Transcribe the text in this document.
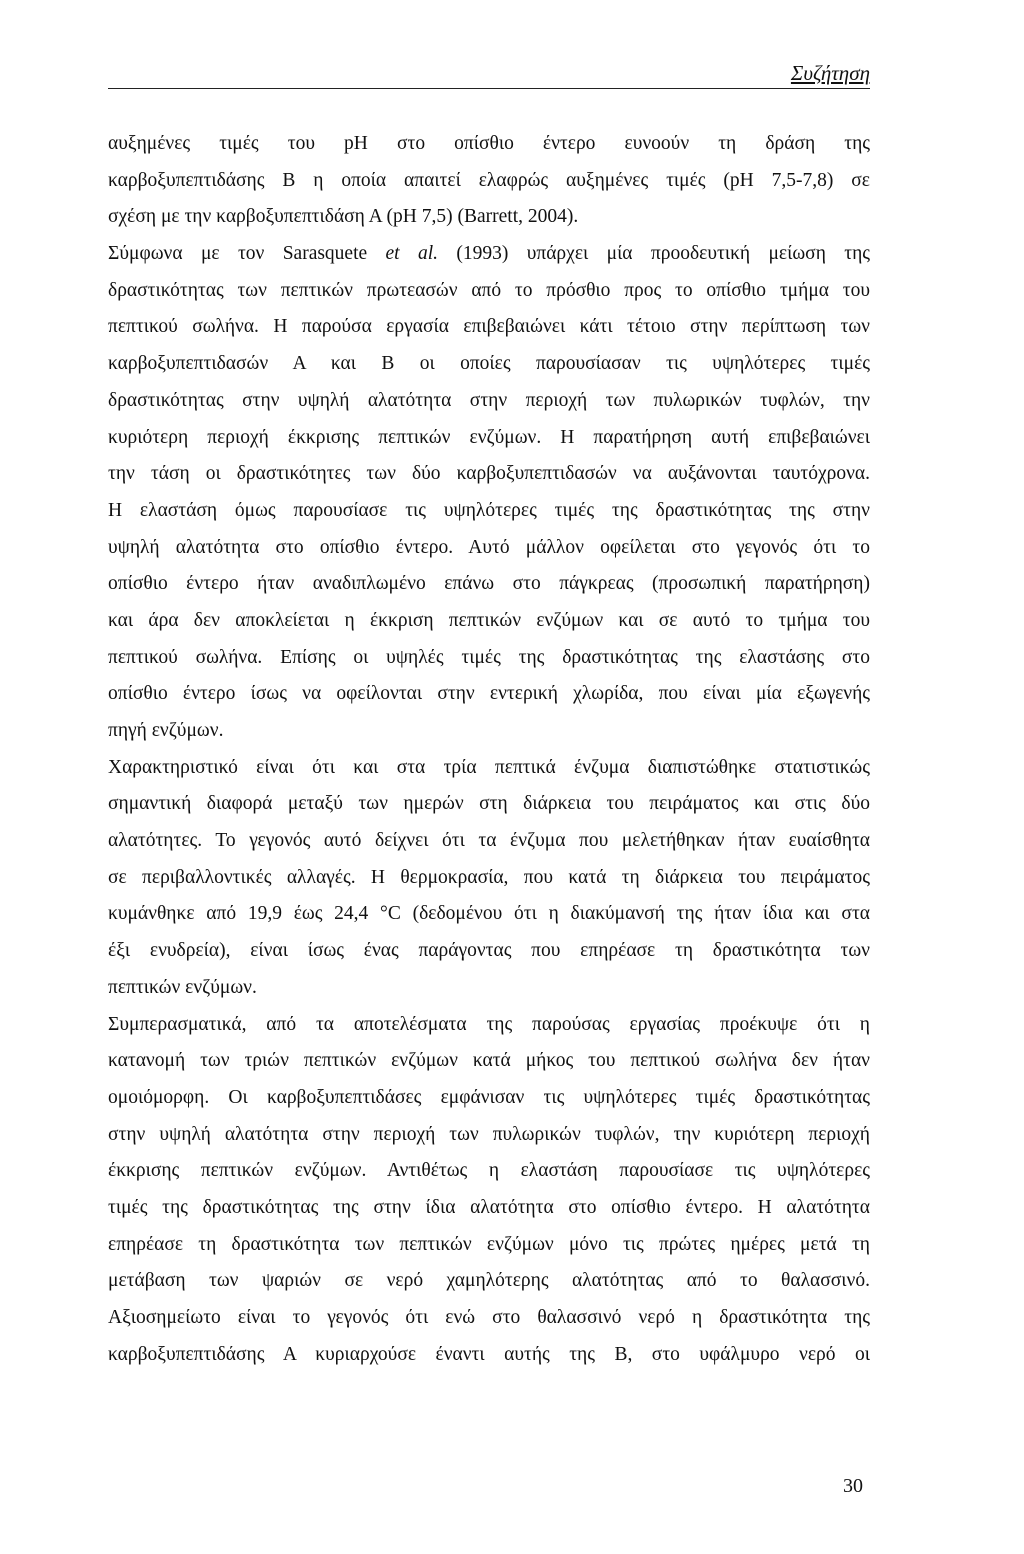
Συζήτηση
αυξημένες τιμές του pH στο οπίσθιο έντερο ευνοούν τη δράση της
καρβοξυπεπτιδάσης Β η οποία απαιτεί ελαφρώς αυξημένες τιμές (pH 7,5-7,8) σε
σχέση με την καρβοξυπεπτιδάση Α (pH 7,5) (Barrett, 2004).
Σύμφωνα με τον Sarasquete et al. (1993) υπάρχει μία προοδευτική μείωση της
δραστικότητας των πεπτικών πρωτεασών από το πρόσθιο προς το οπίσθιο τμήμα του
πεπτικού σωλήνα. Η παρούσα εργασία επιβεβαιώνει κάτι τέτοιο στην περίπτωση των
καρβοξυπεπτιδασών Α και Β οι οποίες παρουσίασαν τις υψηλότερες τιμές
δραστικότητας στην υψηλή αλατότητα στην περιοχή των πυλωρικών τυφλών, την
κυριότερη περιοχή έκκρισης πεπτικών ενζύμων. Η παρατήρηση αυτή επιβεβαιώνει
την τάση οι δραστικότητες των δύο καρβοξυπεπτιδασών να αυξάνονται ταυτόχρονα.
Η ελαστάση όμως παρουσίασε τις υψηλότερες τιμές της δραστικότητας της στην
υψηλή αλατότητα στο οπίσθιο έντερο. Αυτό μάλλον οφείλεται στο γεγονός ότι το
οπίσθιο έντερο ήταν αναδιπλωμένο επάνω στο πάγκρεας (προσωπική παρατήρηση)
και άρα δεν αποκλείεται η έκκριση πεπτικών ενζύμων και σε αυτό το τμήμα του
πεπτικού σωλήνα. Επίσης οι υψηλές τιμές της δραστικότητας της ελαστάσης στο
οπίσθιο έντερο ίσως να οφείλονται στην εντερική χλωρίδα, που είναι μία εξωγενής
πηγή ενζύμων.
Χαρακτηριστικό είναι ότι και στα τρία πεπτικά ένζυμα διαπιστώθηκε στατιστικώς
σημαντική διαφορά μεταξύ των ημερών στη διάρκεια του πειράματος και στις δύο
αλατότητες. Το γεγονός αυτό δείχνει ότι τα ένζυμα που μελετήθηκαν ήταν ευαίσθητα
σε περιβαλλοντικές αλλαγές. Η θερμοκρασία, που κατά τη διάρκεια του πειράματος
κυμάνθηκε από 19,9 έως 24,4 °C (δεδομένου ότι η διακύμανσή της ήταν ίδια και στα
έξι ενυδρεία), είναι ίσως ένας παράγοντας που επηρέασε τη δραστικότητα των
πεπτικών ενζύμων.
Συμπερασματικά, από τα αποτελέσματα της παρούσας εργασίας προέκυψε ότι η
κατανομή των τριών πεπτικών ενζύμων κατά μήκος του πεπτικού σωλήνα δεν ήταν
ομοιόμορφη. Οι καρβοξυπεπτιδάσες εμφάνισαν τις υψηλότερες τιμές δραστικότητας
στην υψηλή αλατότητα στην περιοχή των πυλωρικών τυφλών, την κυριότερη περιοχή
έκκρισης πεπτικών ενζύμων. Αντιθέτως η ελαστάση παρουσίασε τις υψηλότερες
τιμές της δραστικότητας της στην ίδια αλατότητα στο οπίσθιο έντερο. Η αλατότητα
επηρέασε τη δραστικότητα των πεπτικών ενζύμων μόνο τις πρώτες ημέρες μετά τη
μετάβαση των ψαριών σε νερό χαμηλότερης αλατότητας από το θαλασσινό.
Αξιοσημείωτο είναι το γεγονός ότι ενώ στο θαλασσινό νερό η δραστικότητα της
καρβοξυπεπτιδάσης Α κυριαρχούσε έναντι αυτής της Β, στο υφάλμυρο νερό οι
30
